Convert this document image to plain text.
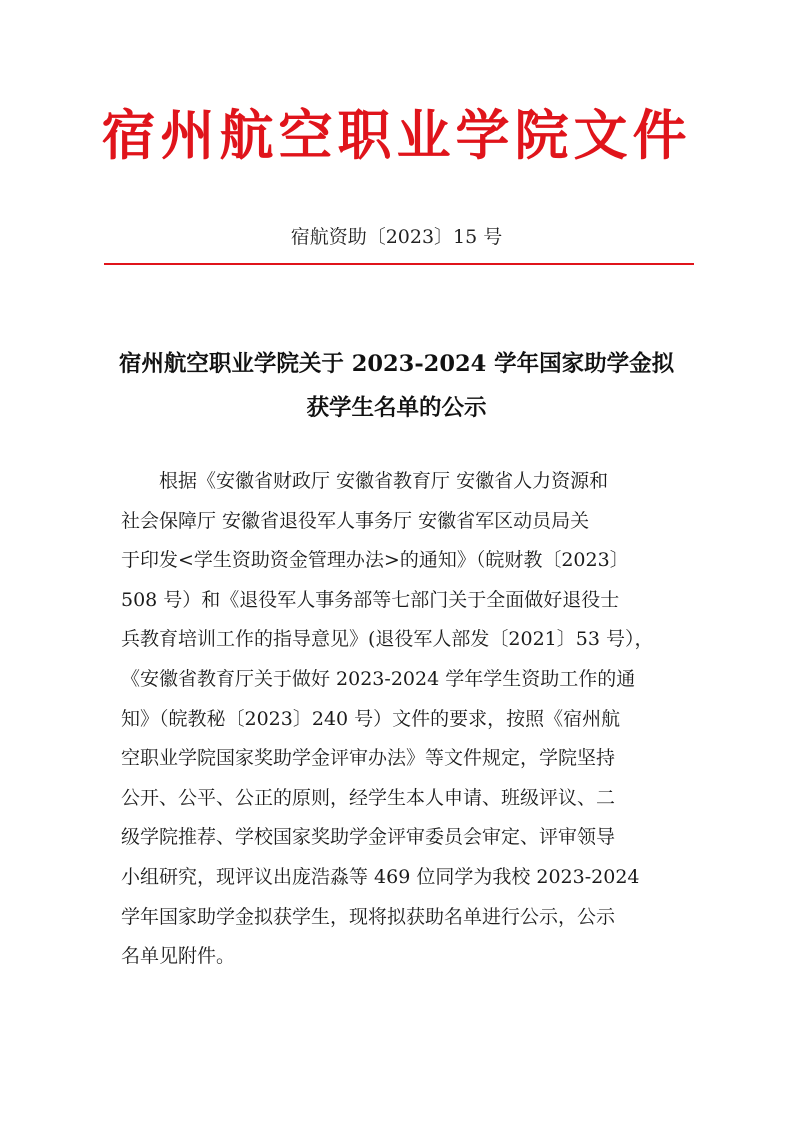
宿州航空职业学院文件
宿航资助〔2023〕15 号
宿州航空职业学院关于 2023-2024 学年国家助学金拟
获学生名单的公示
根据《安徽省财政厅 安徽省教育厅 安徽省人力资源和
社会保障厅 安徽省退役军人事务厅 安徽省军区动员局关
于印发<学生资助资金管理办法>的通知》（皖财教〔2023〕
508 号）和《退役军人事务部等七部门关于全面做好退役士
兵教育培训工作的指导意见》(退役军人部发〔2021〕53 号），
《安徽省教育厅关于做好 2023-2024 学年学生资助工作的通
知》（皖教秘〔2023〕240 号）文件的要求，按照《宿州航
空职业学院国家奖助学金评审办法》等文件规定，学院坚持
公开、公平、公正的原则，经学生本人申请、班级评议、二
级学院推荐、学校国家奖助学金评审委员会审定、评审领导
小组研究，现评议出庞浩淼等 469 位同学为我校 2023-2024
学年国家助学金拟获学生，现将拟获助名单进行公示，公示
名单见附件。
